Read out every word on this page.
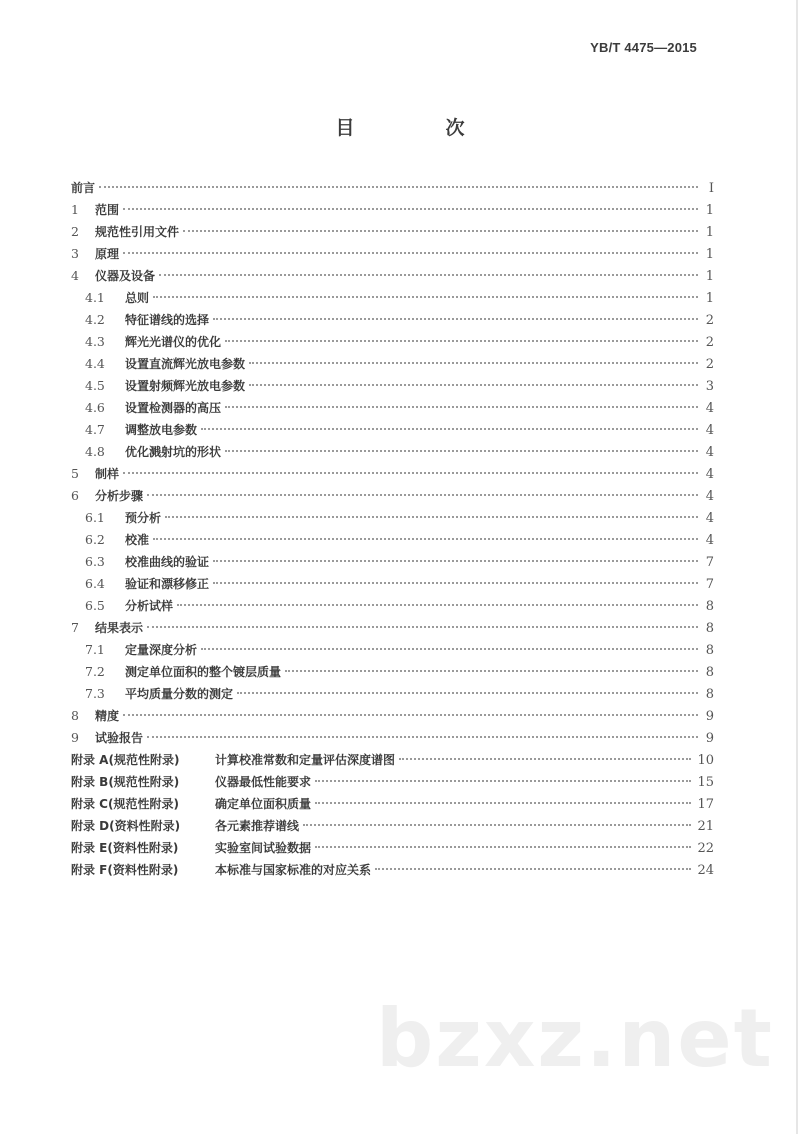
YB/T 4475—2015
目　次
前言	I
1	范围	1
2	规范性引用文件	1
3	原理	1
4	仪器及设备	1
4.1	总则	1
4.2	特征谱线的选择	2
4.3	辉光光谱仪的优化	2
4.4	设置直流辉光放电参数	2
4.5	设置射频辉光放电参数	3
4.6	设置检测器的高压	4
4.7	调整放电参数	4
4.8	优化溅射坑的形状	4
5	制样	4
6	分析步骤	4
6.1	预分析	4
6.2	校准	4
6.3	校准曲线的验证	7
6.4	验证和漂移修正	7
6.5	分析试样	8
7	结果表示	8
7.1	定量深度分析	8
7.2	测定单位面积的整个镀层质量	8
7.3	平均质量分数的测定	8
8	精度	9
9	试验报告	9
附录 A(规范性附录)	计算校准常数和定量评估深度谱图	10
附录 B(规范性附录)	仪器最低性能要求	15
附录 C(规范性附录)	确定单位面积质量	17
附录 D(资料性附录)	各元素推荐谱线	21
附录 E(资料性附录)	实验室间试验数据	22
附录 F(资料性附录)	本标准与国家标准的对应关系	24
bzxz.net
